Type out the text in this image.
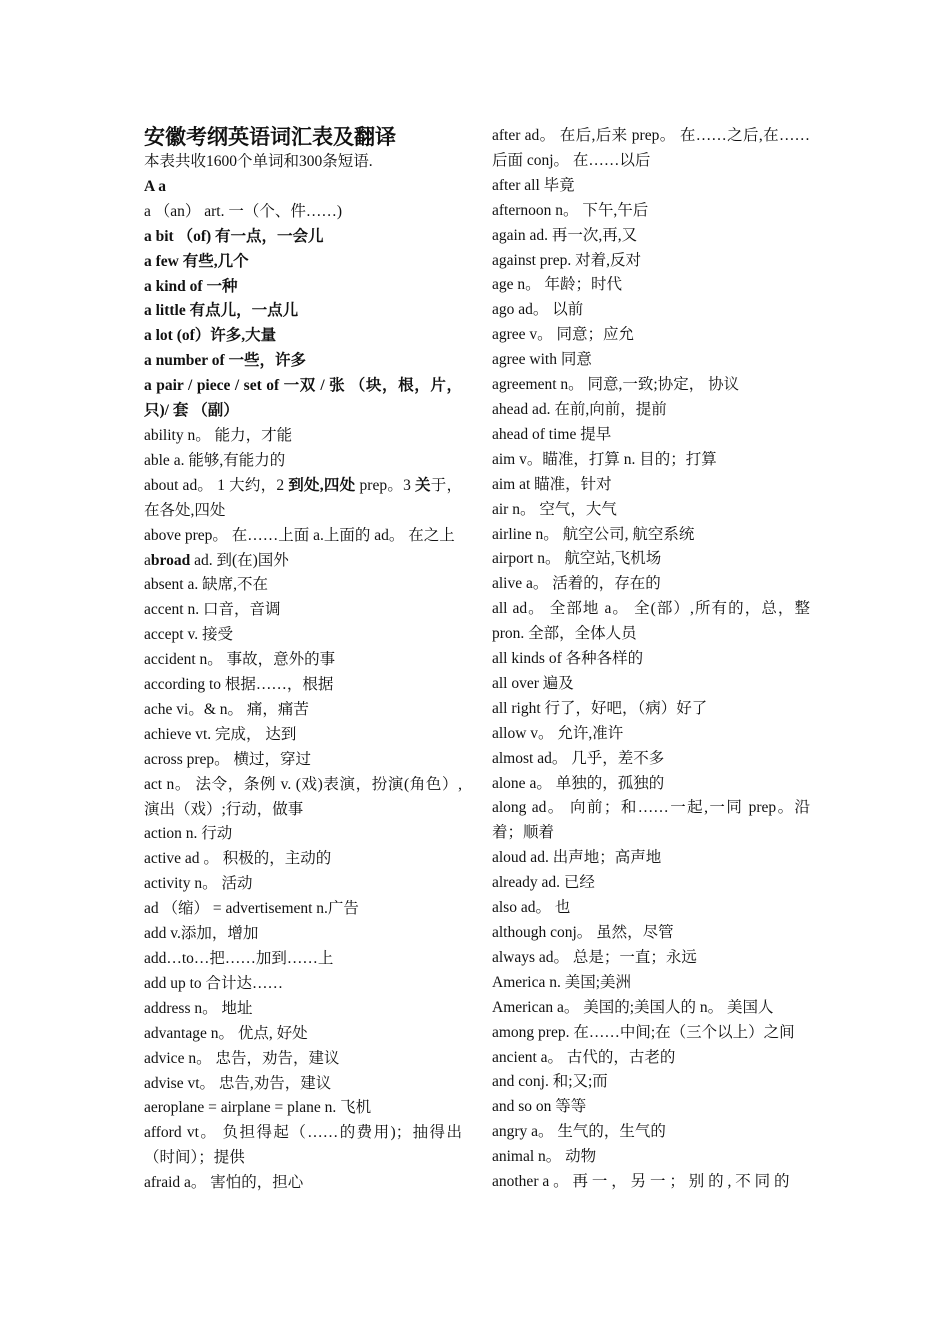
安徽考纲英语词汇表及翻译
本表共收1600个单词和300条短语.
A a
a （an） art. 一（个、件……)
a bit （of) 有一点，一会儿
a few 有些,几个
a kind of 一种
a little 有点儿，一点儿
a lot (of）许多,大量
a number of 一些，许多
a pair / piece / set of 一双 / 张 （块，根，片，只)/ 套 （副）
ability n。 能力，才能
able a. 能够,有能力的
about ad。 1 大约，2 到处,四处 prep。3 关于，在各处,四处
above prep。 在……上面 a.上面的 ad。 在之上
abroad ad. 到(在)国外
absent a. 缺席,不在
accent n. 口音，音调
accept v. 接受
accident n。 事故，意外的事
according to 根据……，根据
ache vi。& n。 痛，痛苦
achieve vt. 完成， 达到
across prep。 横过，穿过
act n。 法令，条例 v. (戏)表演，扮演(角色）,演出（戏）;行动，做事
action n. 行动
active ad 。 积极的，主动的
activity n。 活动
ad （缩） = advertisement n.广告
add v.添加，增加
add…to…把……加到……上
add up to 合计达……
address n。 地址
advantage n。 优点, 好处
advice n。 忠告，劝告，建议
advise vt。 忠告,劝告，建议
aeroplane = airplane = plane n. 飞机
afford vt。 负担得起（……的费用)；抽得出（时间）；提供
afraid a。 害怕的，担心
after ad。 在后,后来 prep。 在……之后,在……后面 conj。 在……以后
after all 毕竟
afternoon n。 下午,午后
again ad. 再一次,再,又
against prep. 对着,反对
age n。 年龄；时代
ago ad。 以前
agree v。 同意；应允
agree with 同意
agreement n。 同意,一致;协定， 协议
ahead ad. 在前,向前，提前
ahead of time 提早
aim v。瞄准，打算 n. 目的；打算
aim at 瞄准，针对
air n。 空气，大气
airline n。 航空公司, 航空系统
airport n。 航空站,飞机场
alive a。 活着的，存在的
all ad。 全部地 a。 全(部）,所有的，总，整 pron. 全部，全体人员
all kinds of 各种各样的
all over 遍及
all right 行了，好吧，（病）好了
allow v。 允许,准许
almost ad。 几乎，差不多
alone a。 单独的，孤独的
along ad。 向前；和……一起,一同 prep。沿着；顺着
aloud ad. 出声地；高声地
already ad. 已经
also ad。 也
although conj。 虽然，尽管
always ad。 总是；一直；永远
America n. 美国;美洲
American a。 美国的;美国人的 n。 美国人
among prep. 在……中间;在（三个以上）之间
ancient a。 古代的，古老的
and conj. 和;又;而
and so on 等等
angry a。 生气的，生气的
animal n。 动物
another a 。 再 一 ， 另 一 ； 别 的 , 不 同 的
